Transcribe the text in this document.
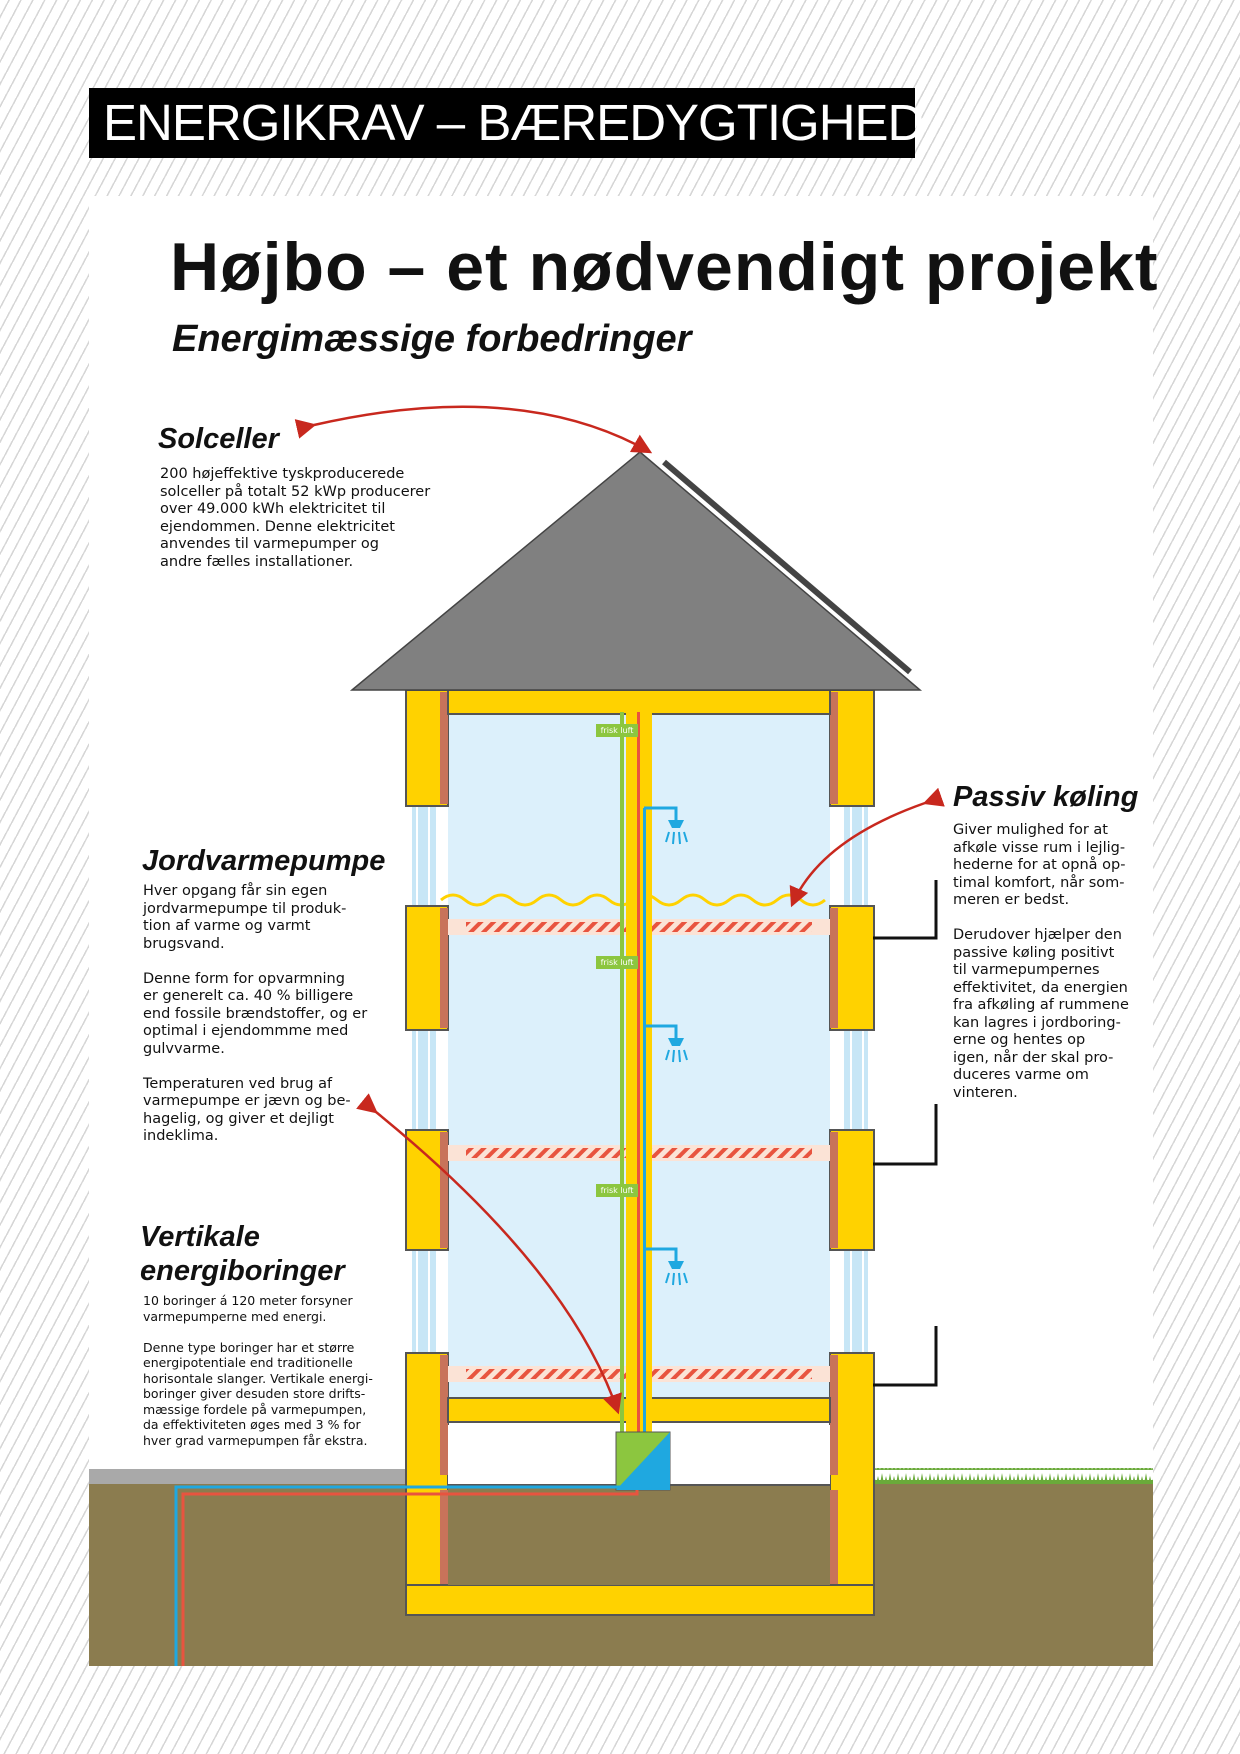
ENERGIKRAV – BÆREDYGTIGHED
Højbo – et nødvendigt projekt
Energimæssige forbedringer
frisk luft
frisk luft
frisk luft
Solceller
200 højeffektive tyskproducerede
solceller på totalt 52 kWp producerer
over 49.000 kWh elektricitet til
ejendommen. Denne elektricitet
anvendes til varmepumper og
andre fælles installationer.
Jordvarmepumpe
Hver opgang får sin egen
jordvarmepumpe til produk-
tion af varme og varmt
brugsvand.

Denne form for opvarmning
er generelt ca. 40 % billigere
end fossile brændstoffer, og er
optimal i ejendommme med
gulvvarme.

Temperaturen ved brug af
varmepumpe er jævn og be-
hagelig, og giver et dejligt
indeklima.
Vertikale
energiboringer
10 boringer á 120 meter forsyner
varmepumperne med energi.

Denne type boringer har et større
energipotentiale end traditionelle
horisontale slanger. Vertikale energi-
boringer giver desuden store drifts-
mæssige fordele på varmepumpen,
da effektiviteten øges med 3 % for
hver grad varmepumpen får ekstra.
Passiv køling
Giver mulighed for at
afkøle visse rum i lejlig-
hederne for at opnå op-
timal komfort, når som-
meren er bedst.

Derudover hjælper den
passive køling positivt
til varmepumpernes
effektivitet, da energien
fra afkøling af rummene
kan lagres i jordboring-
erne og hentes op
igen, når der skal pro-
duceres varme om
vinteren.
